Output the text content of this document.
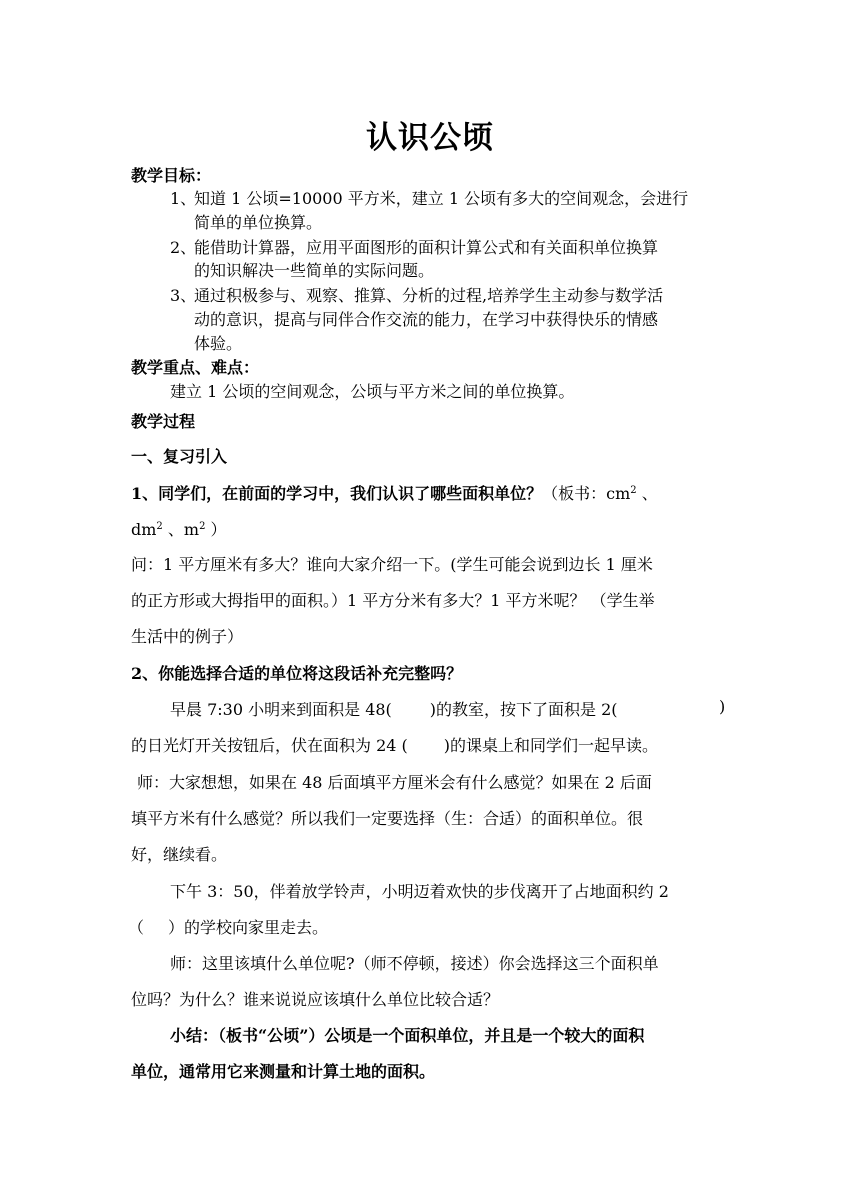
认识公顷
教学目标：
1、
知道 1 公顷=10000 平方米，建立 1 公顷有多大的空间观念，会进行
简单的单位换算。
2、
能借助计算器，应用平面图形的面积计算公式和有关面积单位换算
的知识解决一些简单的实际问题。
3、
通过积极参与、观察、推算、分析的过程,培养学生主动参与数学活
动的意识，提高与同伴合作交流的能力，在学习中获得快乐的情感
体验。
教学重点、难点：
建立 1 公顷的空间观念，公顷与平方米之间的单位换算。
教学过程
一、复习引入
1、同学们，在前面的学习中，我们认识了哪些面积单位？（板书：$cm^2$ 、
$dm^2$ 、$m^2$ ）
问：1 平方厘米有多大？谁向大家介绍一下。(学生可能会说到边长 1 厘米
的正方形或大拇指甲的面积。）1 平方分米有多大？1 平方米呢？ （学生举
生活中的例子）
2、你能选择合适的单位将这段话补充完整吗？
早晨 7:30 小明来到面积是 48( )的教室，按下了面积是 2(	)
的日光灯开关按钮后，伏在面积为 24 ( )的课桌上和同学们一起早读。
师：大家想想，如果在 48 后面填平方厘米会有什么感觉？如果在 2 后面
填平方米有什么感觉？所以我们一定要选择（生：合适）的面积单位。很
好，继续看。
下午 3：50，伴着放学铃声，小明迈着欢快的步伐离开了占地面积约 2
（ ）的学校向家里走去。
师：这里该填什么单位呢?（师不停顿，接述）你会选择这三个面积单
位吗？为什么？谁来说说应该填什么单位比较合适？
小结：（板书“公顷”）公顷是一个面积单位，并且是一个较大的面积
单位，通常用它来测量和计算土地的面积。
